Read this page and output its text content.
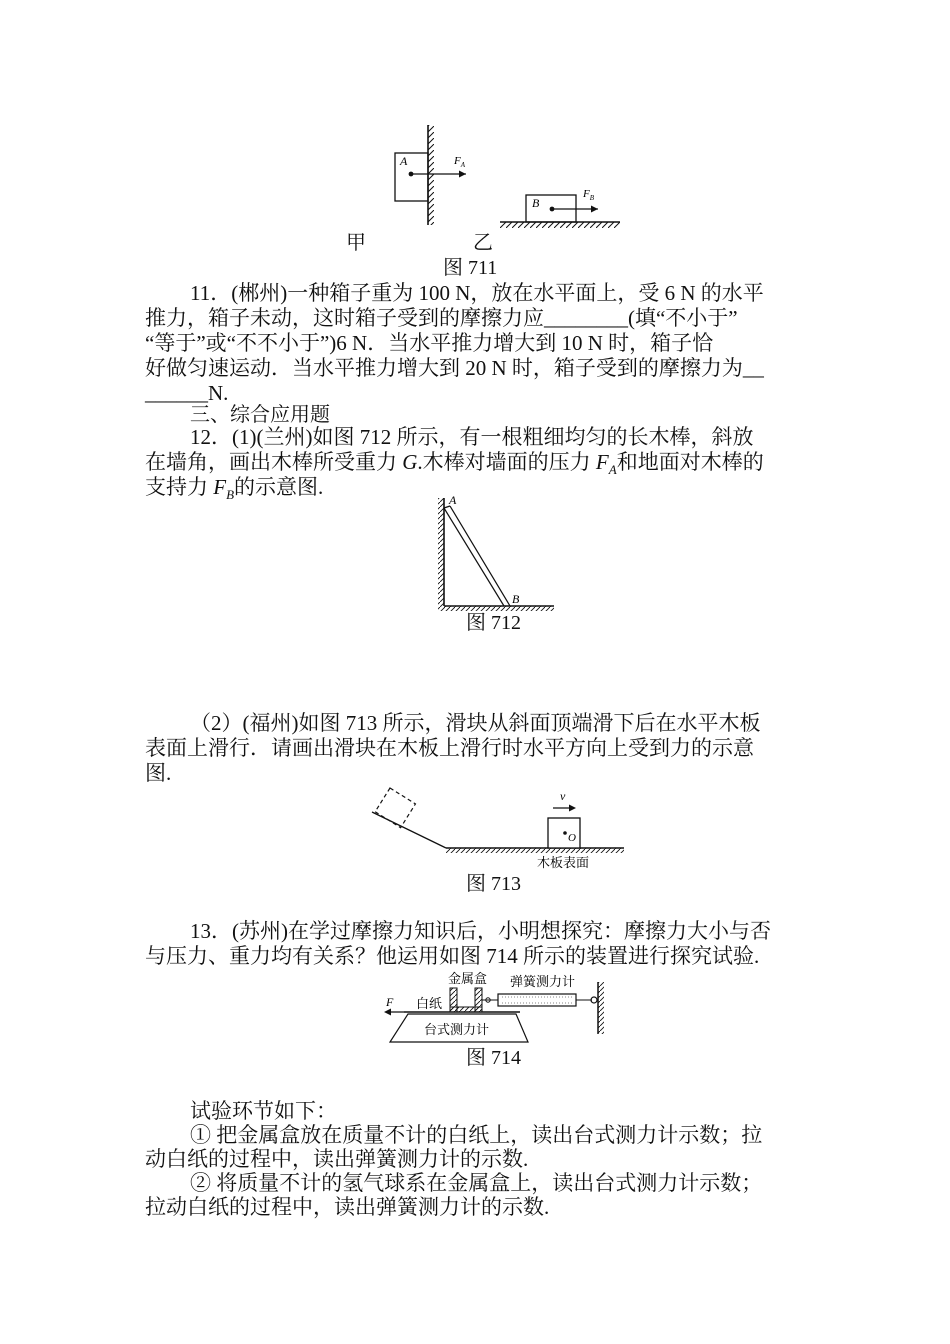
A	$F_A$
B
$F_B$
甲	乙
图 711
11．(郴州)一种箱子重为 100 N，放在水平面上，受 6 N 的水平
推力，箱子未动，这时箱子受到的摩擦力应________(填“不小于”
“等于”或“不不小于”)6 N．当水平推力增大到 10 N 时，箱子恰
好做匀速运动．当水平推力增大到 20 N 时，箱子受到的摩擦力为__
______N.
三、综合应用题
12．(1)(兰州)如图 712 所示，有一根粗细均匀的长木棒，斜放
在墙角，画出木棒所受重力 G.木棒对墙面的压力 $F_A$和地面对木棒的
支持力 $F_B$的示意图.
A
B
图 712
（2）(福州)如图 713 所示，滑块从斜面顶端滑下后在水平木板
表面上滑行．请画出滑块在木板上滑行时水平方向上受到力的示意
图.
O
v
木板表面
图 713
13．(苏州)在学过摩擦力知识后，小明想探究：摩擦力大小与否
与压力、重力均有关系？他运用如图 714 所示的装置进行探究试验.
台式测力计
白纸
F
金属盒 弹簧测力计
图 714
试验环节如下：
① 把金属盒放在质量不计的白纸上，读出台式测力计示数；拉
动白纸的过程中，读出弹簧测力计的示数.
② 将质量不计的氢气球系在金属盒上，读出台式测力计示数；
拉动白纸的过程中，读出弹簧测力计的示数.
